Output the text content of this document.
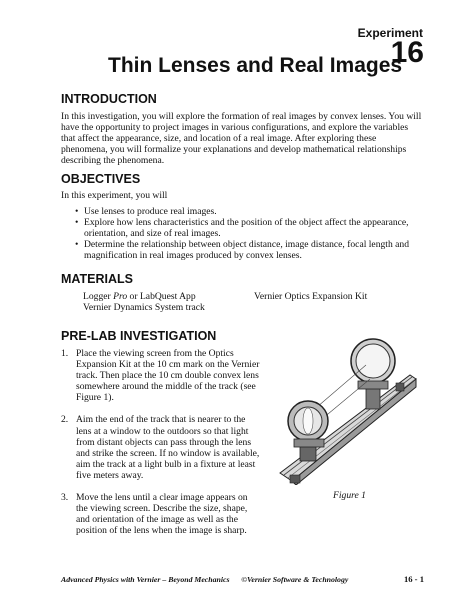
Experiment
16
Thin Lenses and Real Images
INTRODUCTION
In this investigation, you will explore the formation of real images by convex lenses. You will have the opportunity to project images in various configurations, and explore the variables that affect the appearance, size, and location of a real image. After exploring these phenomena, you will formalize your explanations and develop mathematical relationships describing the phenomena.
OBJECTIVES
In this experiment, you will
• Use lenses to produce real images.
• Explore how lens characteristics and the position of the object affect the appearance, orientation, and size of real images.
• Determine the relationship between object distance, image distance, focal length and magnification in real images produced by convex lenses.
MATERIALS
Logger Pro or LabQuest App
Vernier Dynamics System track
Vernier Optics Expansion Kit
PRE-LAB INVESTIGATION
1. Place the viewing screen from the Optics Expansion Kit at the 10 cm mark on the Vernier track. Then place the 10 cm double convex lens somewhere around the middle of the track (see Figure 1).
2. Aim the end of the track that is nearer to the lens at a window to the outdoors so that light from distant objects can pass through the lens and strike the screen. If no window is available, aim the track at a light bulb in a fixture at least five meters away.
3. Move the lens until a clear image appears on the viewing screen. Describe the size, shape, and orientation of the image as well as the position of the lens when the image is sharp.
Figure 1
Advanced Physics with Vernier – Beyond Mechanics      ©Vernier Software & Technology	16 - 1
